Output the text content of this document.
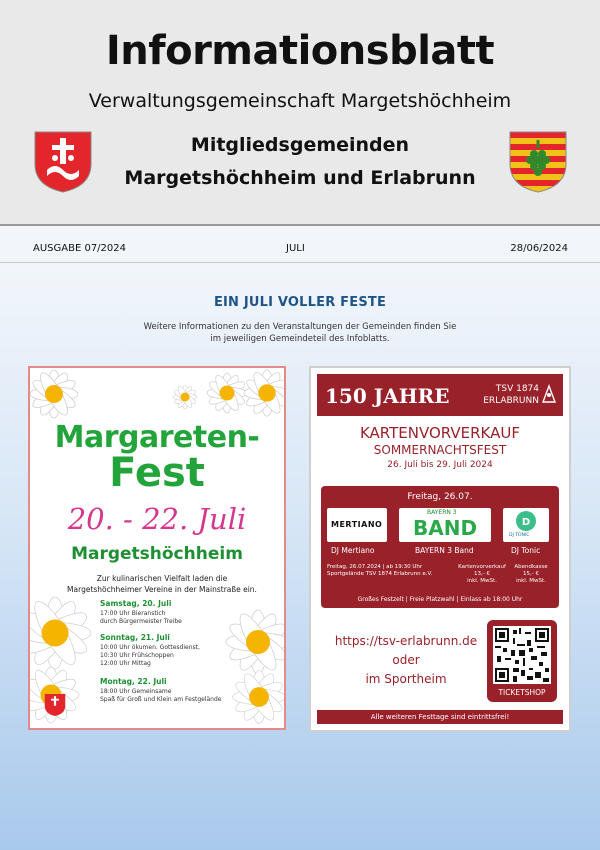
Informationsblatt
Verwaltungsgemeinschaft Margetshöchheim
Mitgliedsgemeinden
Margetshöchheim und Erlabrunn
AUSGABE 07/2024	JULI	28/06/2024
EIN JULI VOLLER FESTE
Weitere Informationen zu den Veranstaltungen der Gemeinden finden Sie
im jeweiligen Gemeindeteil des Infoblatts.
Margareten-
Fest
20. - 22. Juli
Margetshöchheim
Zur kulinarischen Vielfalt laden die
Margetshöchheimer Vereine in der Mainstraße ein.
Samstag, 20. Juli
17:00 Uhr Bieranstich
durch Bürgermeister Treibe
Sonntag, 21. Juli
10:00 Uhr ökumen. Gottesdienst,
10:30 Uhr Frühschoppen
12:00 Uhr Mittag
Montag, 22. Juli
18:00 Uhr Gemeinsame
Spaß für Groß und Klein am Festgelände
150 JAHRE	TSV 1874
ERLABRUNN
KARTENVORVERKAUF
SOMMERNACHTSFEST
26. Juli bis 29. Juli 2024
Freitag, 26.07.
MERTIANO
BAYERN 3
BAND	D
DJ TONIC
DJ Mertiano	BAYERN 3 Band	DJ Tonic
Freitag, 26.07.2024 | ab 19:30 Uhr
Sportgelände TSV 1874 Erlabrunn e.V.
Kartenvorverkauf
13,- €
inkl. MwSt.
Abendkasse
15,- €
inkl. MwSt.
Großes Festzelt | Freie Platzwahl | Einlass ab 18:00 Uhr
https://tsv-erlabrunn.de
oder
im Sportheim
TICKETSHOP
Alle weiteren Festtage sind eintrittsfrei!
